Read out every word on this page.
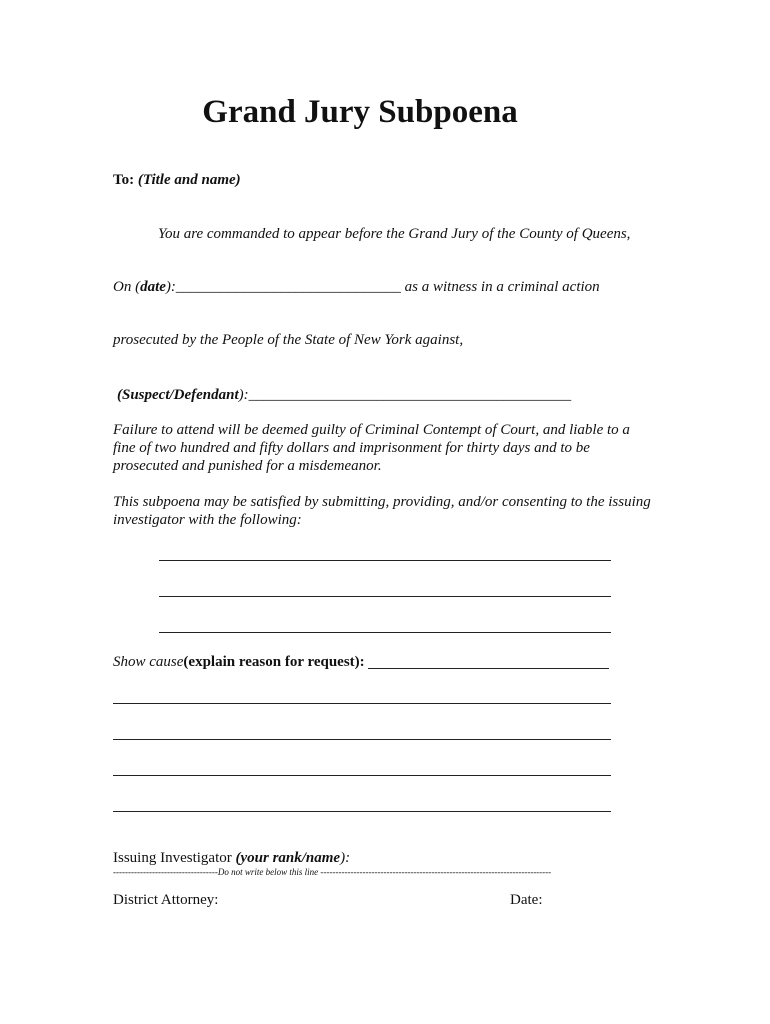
Grand Jury Subpoena
To: (Title and name)
You are commanded to appear before the Grand Jury of the County of Queens,
On (date):______________________________ as a witness in a criminal action
prosecuted by the People of the State of New York against,
(Suspect/Defendant):___________________________________________
Failure to attend will be deemed guilty of Criminal Contempt of Court, and liable to a fine of two hundred and fifty dollars and imprisonment for thirty days and to be prosecuted and punished for a misdemeanor.
This subpoena may be satisfied by submitting, providing, and/or consenting to the issuing investigator with the following:
Show cause(explain reason for request):
Issuing Investigator (your rank/name):
-----------------------------------Do not write below this line -----------------------------------------------------------------------------
District Attorney:	Date:
